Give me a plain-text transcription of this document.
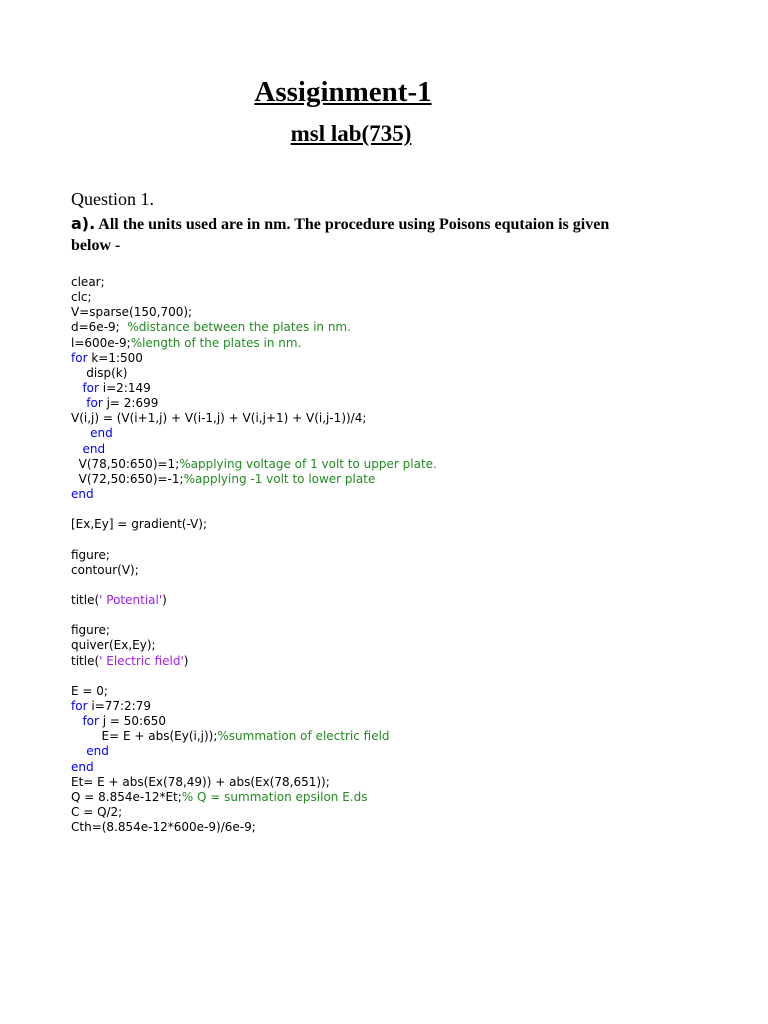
Assiginment-1
msl lab(735)
Question 1.
a). All the units used are in nm. The procedure using Poisons equtaion is given below -
clear;
clc;
V=sparse(150,700);
d=6e-9;  %distance between the plates in nm.
l=600e-9;%length of the plates in nm.
for k=1:500
disp(k)
for i=2:149
for j= 2:699
V(i,j) = (V(i+1,j) + V(i-1,j) + V(i,j+1) + V(i,j-1))/4;
end
end
V(78,50:650)=1;%applying voltage of 1 volt to upper plate.
V(72,50:650)=-1;%applying -1 volt to lower plate
end
[Ex,Ey] = gradient(-V);
figure;
contour(V);
title(' Potential')
figure;
quiver(Ex,Ey);
title(' Electric field')
E = 0;
for i=77:2:79
for j = 50:650
E= E + abs(Ey(i,j));%summation of electric field
end
end
Et= E + abs(Ex(78,49)) + abs(Ex(78,651));
Q = 8.854e-12*Et;% Q = summation epsilon E.ds
C = Q/2;
Cth=(8.854e-12*600e-9)/6e-9;
